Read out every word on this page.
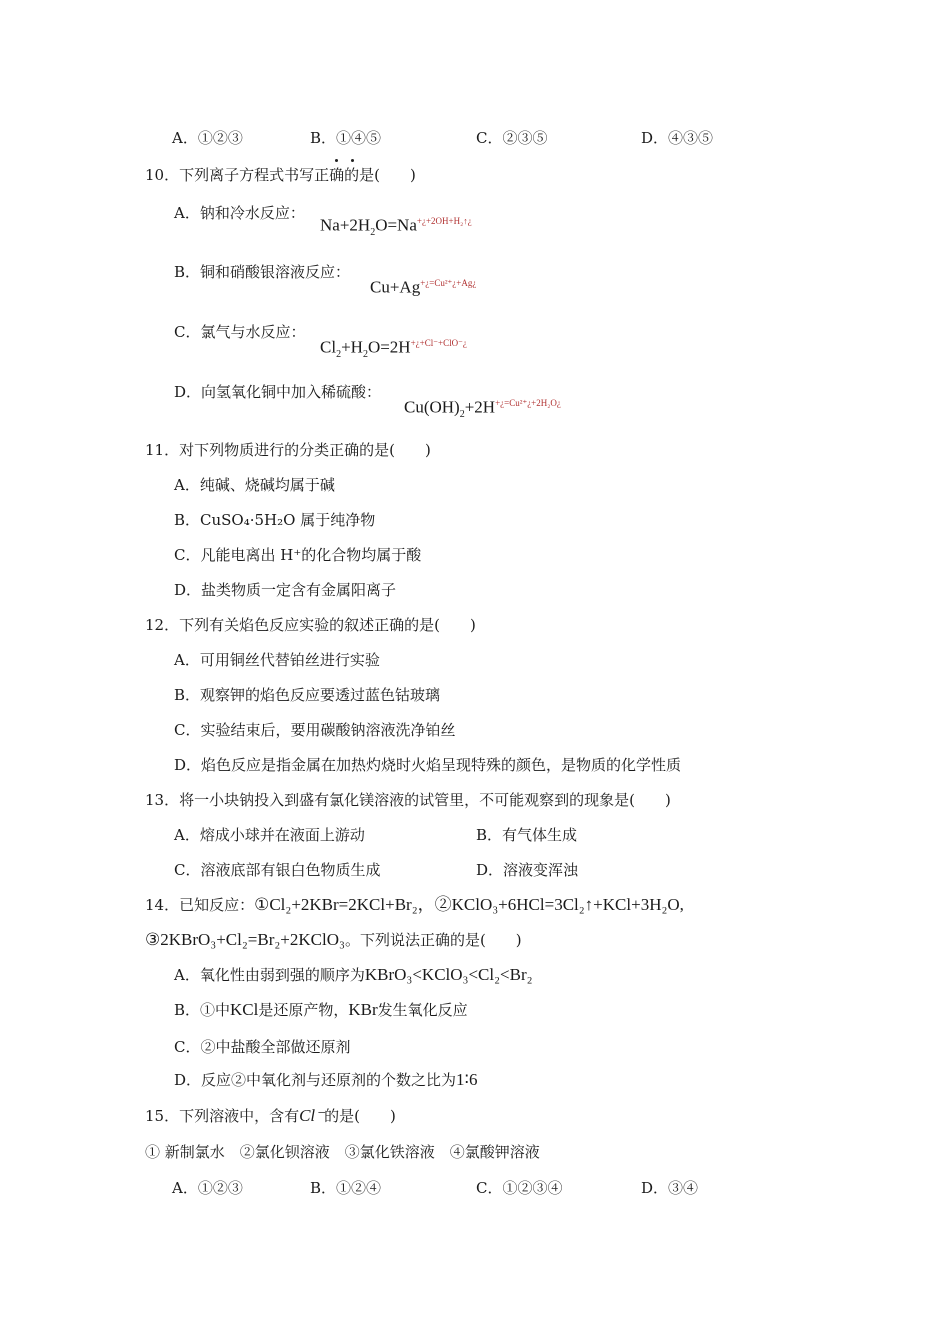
A．①②③	B．①④⑤	C．②③⑤	D．④③⑤
10．下列离子方程式书写正确的是(　　)
A．钠和冷水反应：
$Na+2H_2O=Na^{+¿+2OH+H_2↑¿}$
B．铜和硝酸银溶液反应：
$Cu+Ag^{+¿=Cu^{2+}¿+Ag¿}$
C．氯气与水反应：
$Cl_2+H_2O=2H^{+¿+Cl^-+ClO^-¿}$
D．向氢氧化铜中加入稀硫酸：
$Cu(OH)_2+2H^{+¿=Cu^{2+}¿+2H_2O¿}$
11．对下列物质进行的分类正确的是(　　)
A．纯碱、烧碱均属于碱
B．CuSO₄·5H₂O 属于纯净物
C．凡能电离出 H⁺的化合物均属于酸
D．盐类物质一定含有金属阳离子
12．下列有关焰色反应实验的叙述正确的是(　　)
A．可用铜丝代替铂丝进行实验
B．观察钾的焰色反应要透过蓝色钴玻璃
C．实验结束后，要用碳酸钠溶液洗净铂丝
D．焰色反应是指金属在加热灼烧时火焰呈现特殊的颜色，是物质的化学性质
13．将一小块钠投入到盛有氯化镁溶液的试管里，不可能观察到的现象是(　　)
A．熔成小球并在液面上游动	B．有气体生成
C．溶液底部有银白色物质生成	D．溶液变浑浊
14．已知反应：①Cl₂+2KBr=2KCl+Br₂，②KClO₃+6HCl=3Cl₂↑+KCl+3H₂O,
③2KBrO₃+Cl₂=Br₂+2KClO₃。下列说法正确的是(　　)
A．氧化性由弱到强的顺序为KBrO₃<KClO₃<Cl₂<Br₂
B．①中KCl是还原产物，KBr发生氧化反应
C．②中盐酸全部做还原剂
D．反应②中氧化剂与还原剂的个数之比为1∶6
15．下列溶液中，含有Cl⁻的是(　　)
① 新制氯水　②氯化钡溶液　③氯化铁溶液　④氯酸钾溶液
A．①②③	B．①②④	C．①②③④	D．③④
